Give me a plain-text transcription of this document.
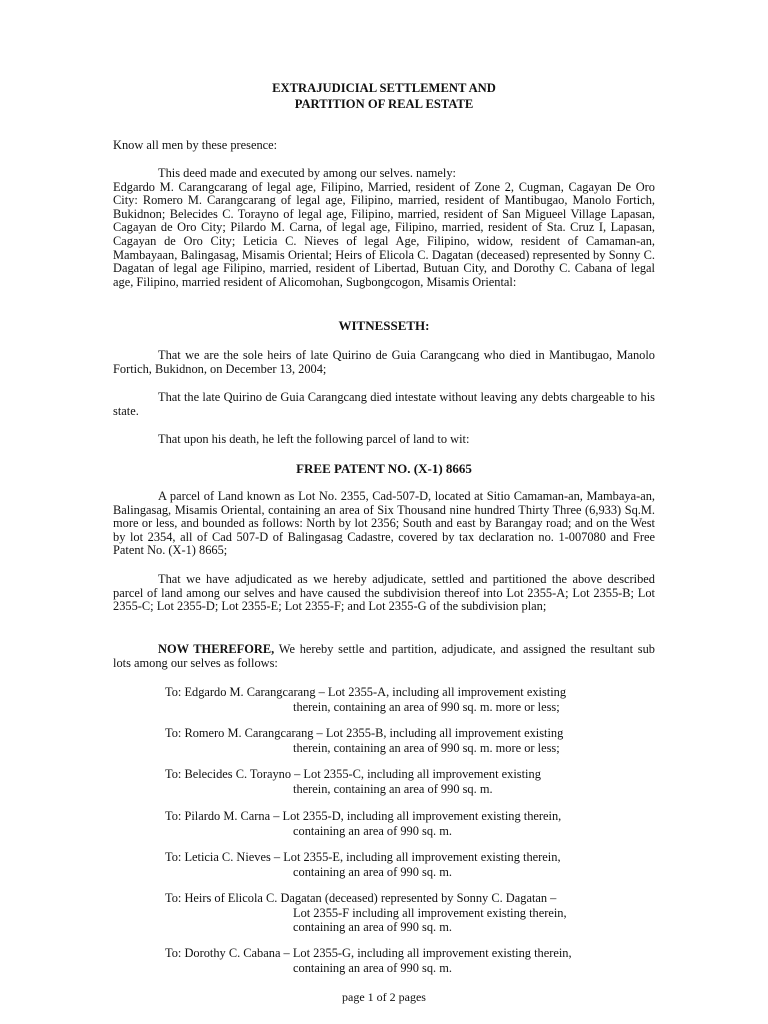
EXTRAJUDICIAL SETTLEMENT AND
PARTITION OF REAL ESTATE
Know all men by these presence:
This deed made and executed by among our selves. namely:
Edgardo M. Carangcarang of legal age, Filipino, Married, resident of Zone 2, Cugman, Cagayan De Oro City: Romero M. Carangcarang of legal age, Filipino, married, resident of Mantibugao, Manolo Fortich, Bukidnon; Belecides C. Torayno of legal age, Filipino, married, resident of San Migueel Village Lapasan, Cagayan de Oro City; Pilardo M. Carna, of legal age, Filipino, married, resident of Sta. Cruz I, Lapasan, Cagayan de Oro City; Leticia C. Nieves of legal Age, Filipino, widow, resident of Camaman-an, Mambayaan, Balingasag, Misamis Oriental; Heirs of Elicola C. Dagatan (deceased) represented by Sonny C. Dagatan of legal age Filipino, married, resident of Libertad, Butuan City, and Dorothy C. Cabana of legal age, Filipino, married resident of Alicomohan, Sugbongcogon, Misamis Oriental:
WITNESSETH:
That we are the sole heirs of late Quirino de Guia Carangcang who died in Mantibugao, Manolo Fortich, Bukidnon, on December 13, 2004;
That the late Quirino de Guia Carangcang died intestate without leaving any debts chargeable to his state.
That upon his death, he left the following parcel of land to wit:
FREE PATENT NO. (X-1) 8665
A parcel of Land known as Lot No. 2355, Cad-507-D, located at Sitio Camaman-an, Mambaya-an, Balingasag, Misamis Oriental, containing an area of Six Thousand nine hundred Thirty Three (6,933) Sq.M. more or less, and bounded as follows: North by lot 2356; South and east by Barangay road; and on the West by lot 2354, all of Cad 507-D of Balingasag Cadastre, covered by tax declaration no. 1-007080 and Free Patent No. (X-1) 8665;
That we have adjudicated as we hereby adjudicate, settled and partitioned the above described parcel of land among our selves and have caused the subdivision thereof into Lot 2355-A; Lot 2355-B; Lot 2355-C; Lot 2355-D; Lot 2355-E; Lot 2355-F; and Lot 2355-G of the subdivision plan;
NOW THEREFORE, We hereby settle and partition, adjudicate, and assigned the resultant sub lots among our selves as follows:
To: Edgardo M. Carangcarang – Lot 2355-A, including all improvement existing
therein, containing an area of 990 sq. m. more or less;
To: Romero M. Carangcarang – Lot 2355-B, including all improvement existing
therein, containing an area of 990 sq. m. more or less;
To: Belecides C. Torayno – Lot 2355-C, including all improvement existing
therein, containing an area of 990 sq. m.
To: Pilardo M. Carna – Lot 2355-D, including all improvement existing therein,
containing an area of 990 sq. m.
To: Leticia C. Nieves – Lot 2355-E, including all improvement existing therein,
containing an area of 990 sq. m.
To: Heirs of Elicola C. Dagatan (deceased) represented by Sonny C. Dagatan –
Lot 2355-F including all improvement existing therein,
containing an area of 990 sq. m.
To: Dorothy C. Cabana – Lot 2355-G, including all improvement existing therein,
containing an area of 990 sq. m.
page 1 of 2 pages
